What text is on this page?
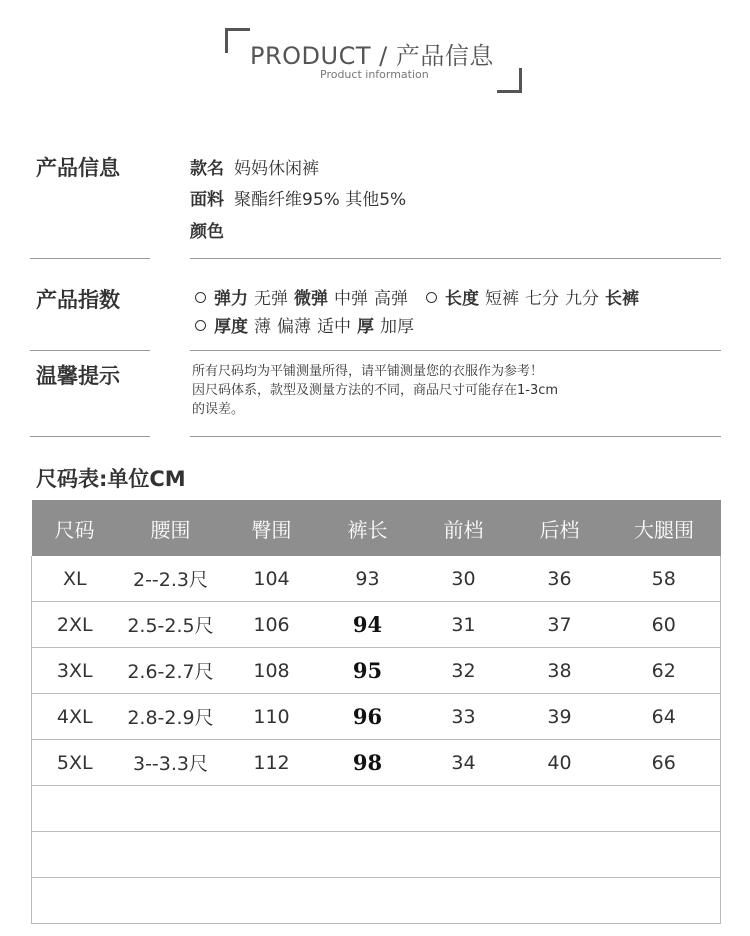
PRODUCT / 产品信息
Product information
产品信息	款名 妈妈休闲裤
面料 聚酯纤维95% 其他5%
颜色
产品指数	弹力 无弹 微弹 中弹 高弹 长度 短裤 七分 九分 长裤
厚度 薄 偏薄 适中 厚 加厚
温馨提示	所有尺码均为平铺测量所得，请平铺测量您的衣服作为参考！
因尺码体系，款型及测量方法的不同，商品尺寸可能存在1-3cm
的误差。
尺码表:单位CM
尺码	腰围	臀围	裤长	前档	后档	大腿围
XL	2--2.3尺	104	93	30	36	58
2XL	2.5-2.5尺	106	94	31	37	60
3XL	2.6-2.7尺	108	95	32	38	62
4XL	2.8-2.9尺	110	96	33	39	64
5XL	3--3.3尺	112	98	34	40	66
